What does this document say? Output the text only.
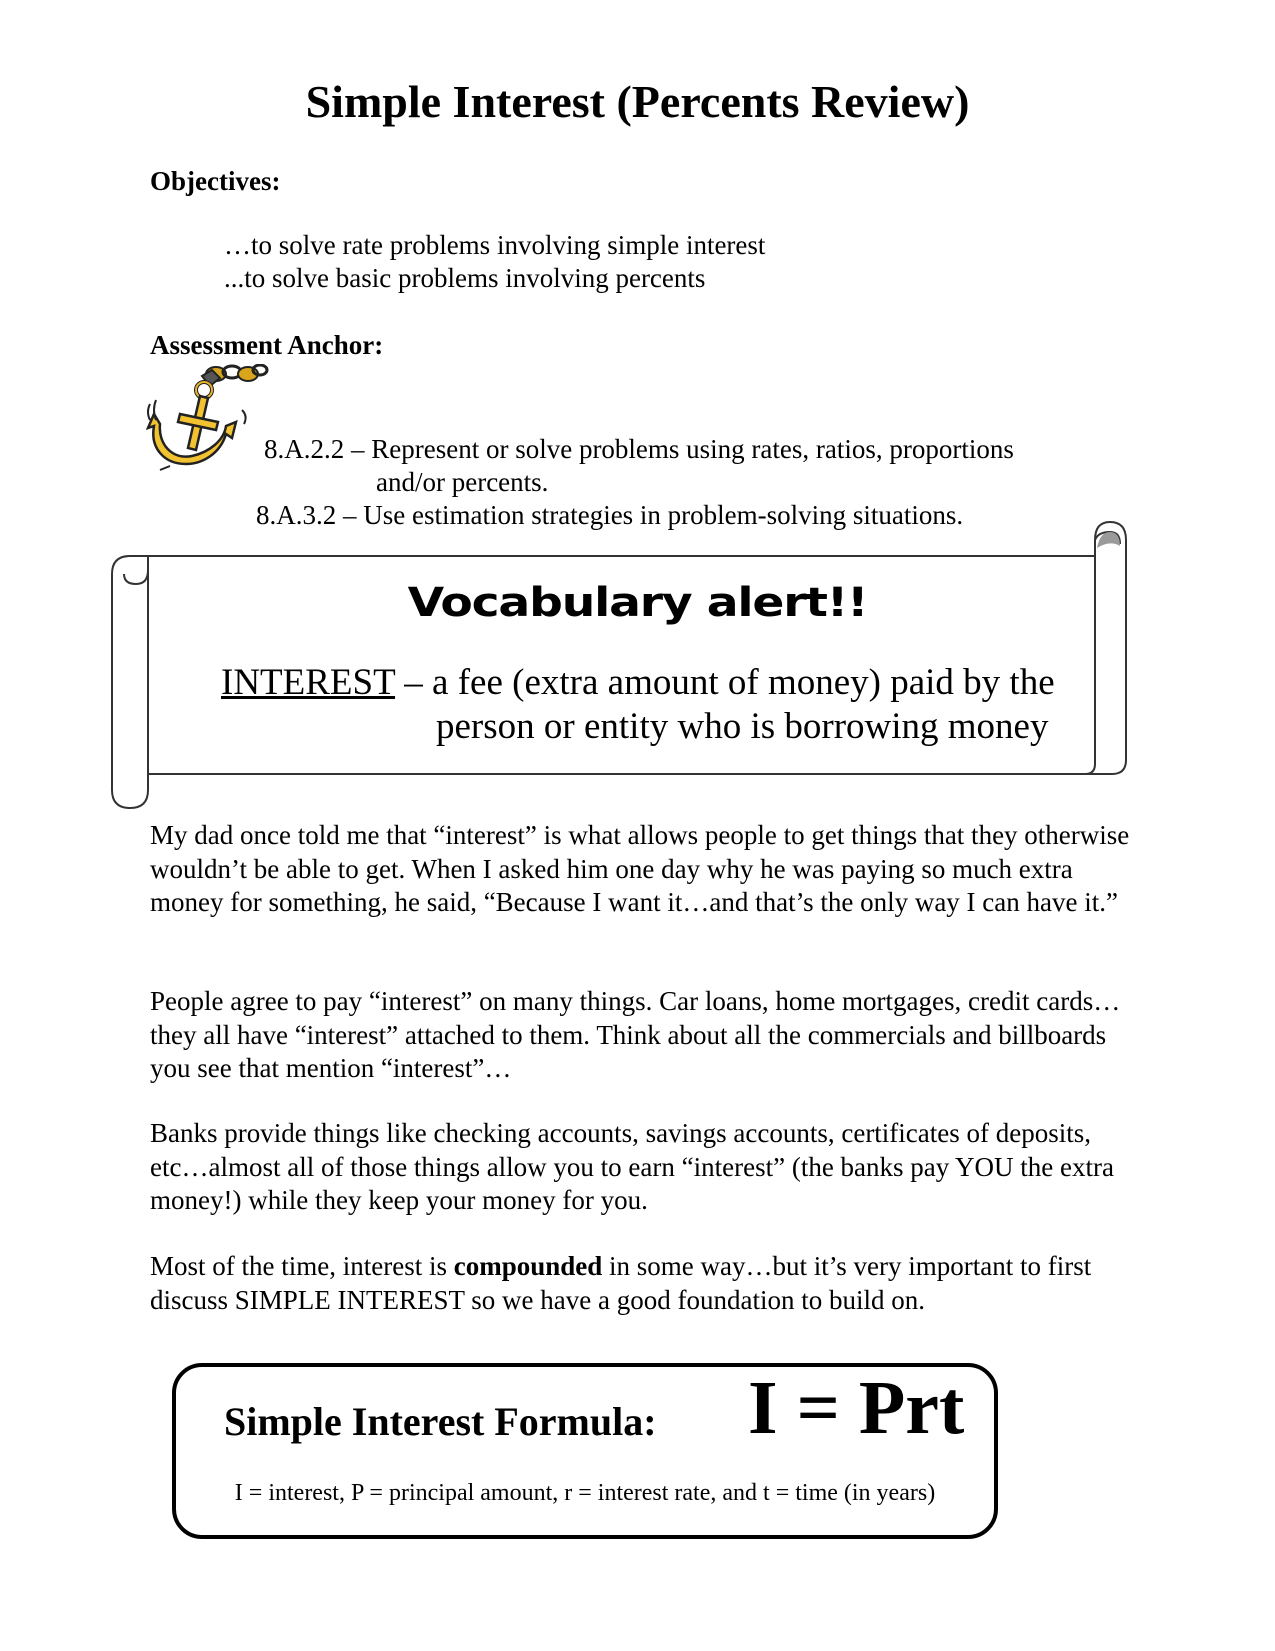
Simple Interest (Percents Review)
Objectives:
…to solve rate problems involving simple interest
...to solve basic problems involving percents
Assessment Anchor:
8.A.2.2 – Represent or solve problems using rates, ratios, proportions
and/or percents.
8.A.3.2 – Use estimation strategies in problem-solving situations.
Vocabulary alert!!
INTEREST – a fee (extra amount of money) paid by the
person or entity who is borrowing money

My dad once told me that “interest” is what allows people to get things that they otherwise wouldn’t be able to get. When I asked him one day why he was paying so much extra money for something, he said, “Because I want it…and that’s the only way I can have it.”

People agree to pay “interest” on many things. Car loans, home mortgages, credit cards…they all have “interest” attached to them. Think about all the commercials and billboards you see that mention “interest”…

Banks provide things like checking accounts, savings accounts, certificates of deposits, etc…almost all of those things allow you to earn “interest” (the banks pay YOU the extra money!) while they keep your money for you.

Most of the time, interest is compounded in some way…but it’s very important to first discuss SIMPLE INTEREST so we have a good foundation to build on.

Simple Interest Formula: I = Prt
I = interest, P = principal amount, r = interest rate, and t = time (in years)
